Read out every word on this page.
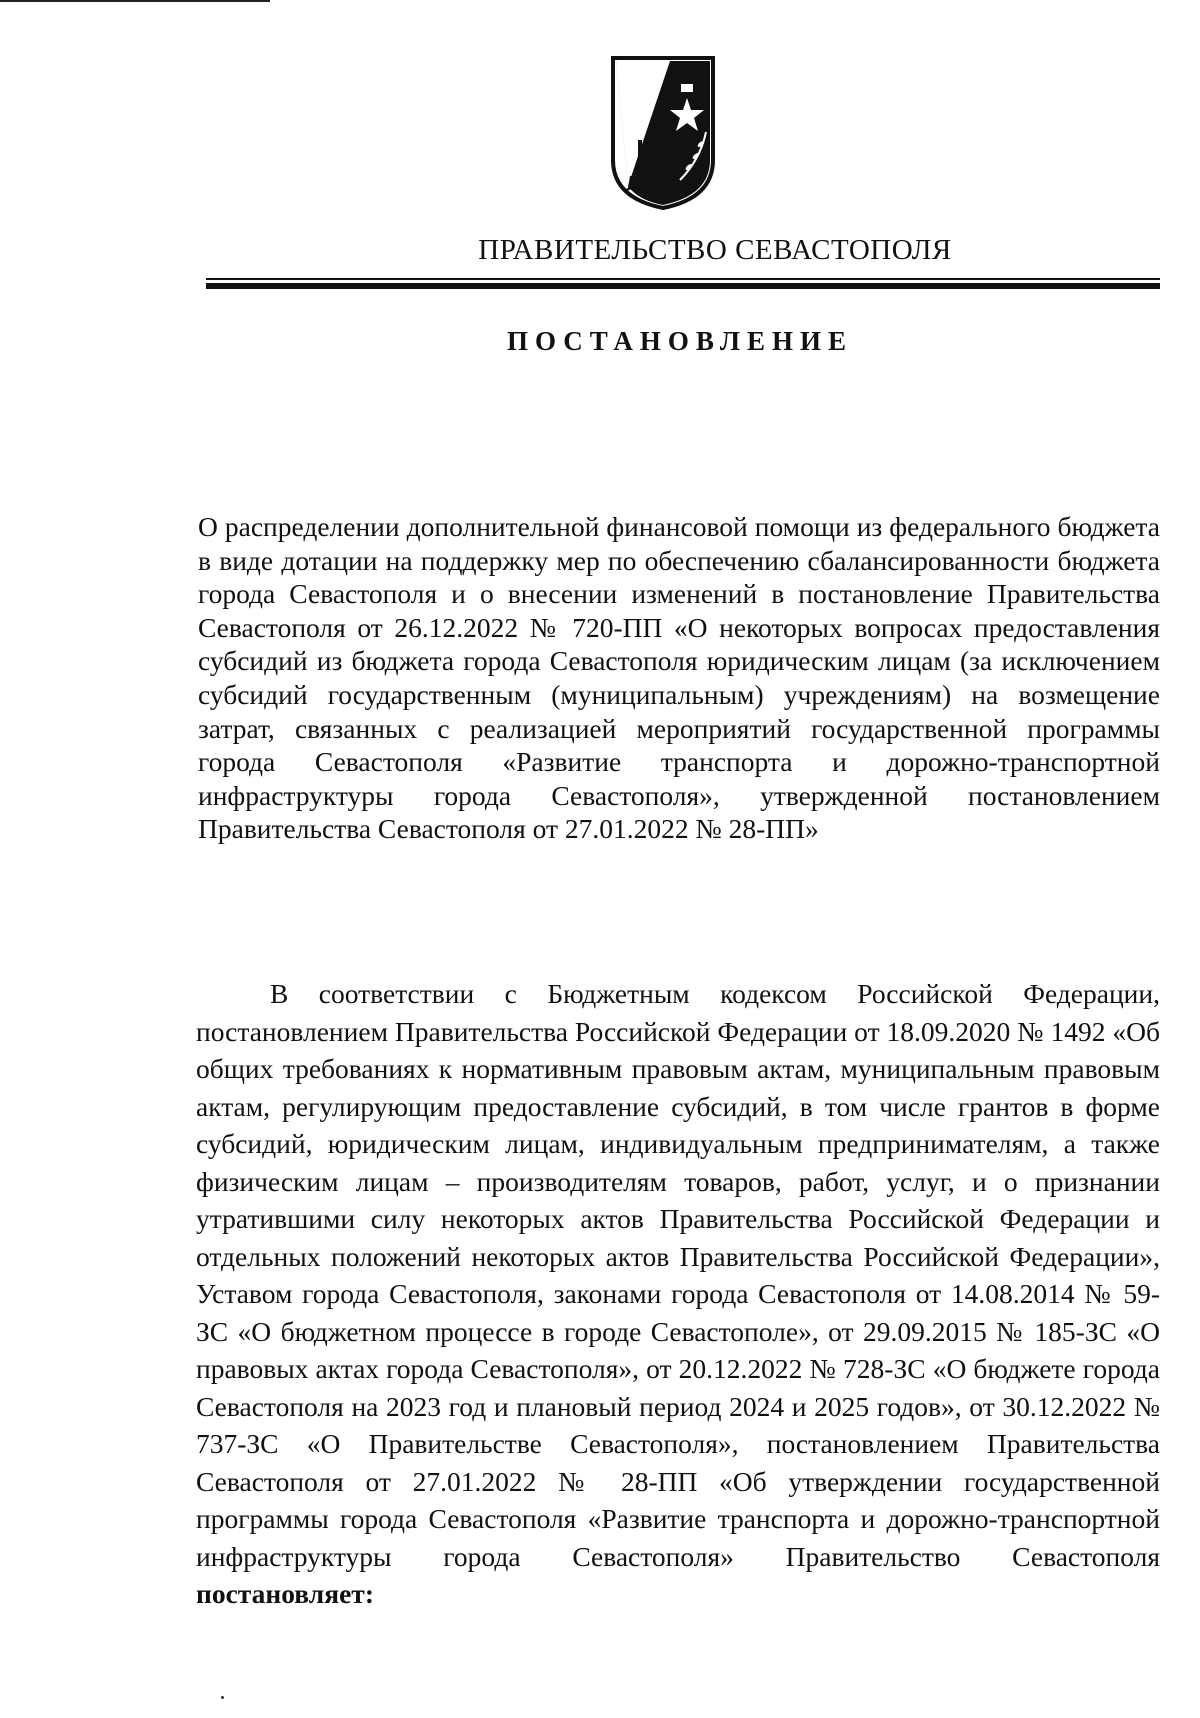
ПРАВИТЕЛЬСТВО СЕВАСТОПОЛЯ
ПОСТАНОВЛЕНИЕ
О распределении дополнительной финансовой помощи из федерального бюджета в виде дотации на поддержку мер по обеспечению сбалансированности бюджета города Севастополя и о внесении изменений в постановление Правительства Севастополя от 26.12.2022 № 720-ПП «О некоторых вопросах предоставления субсидий из бюджета города Севастополя юридическим лицам (за исключением субсидий государственным (муниципальным) учреждениям) на возмещение затрат, связанных с реализацией мероприятий государственной программы города Севастополя «Развитие транспорта и дорожно-транспортной инфраструктуры города Севастополя», утвержденной постановлением Правительства Севастополя от 27.01.2022 № 28-ПП»
В соответствии с Бюджетным кодексом Российской Федерации, постановлением Правительства Российской Федерации от 18.09.2020 № 1492 «Об общих требованиях к нормативным правовым актам, муниципальным правовым актам, регулирующим предоставление субсидий, в том числе грантов в форме субсидий, юридическим лицам, индивидуальным предпринимателям, а также физическим лицам – производителям товаров, работ, услуг, и о признании утратившими силу некоторых актов Правительства Российской Федерации и отдельных положений некоторых актов Правительства Российской Федерации», Уставом города Севастополя, законами города Севастополя от 14.08.2014 № 59-ЗС «О бюджетном процессе в городе Севастополе», от 29.09.2015 № 185-ЗС «О правовых актах города Севастополя», от 20.12.2022 № 728-ЗС «О бюджете города Севастополя на 2023 год и плановый период 2024 и 2025 годов», от 30.12.2022 № 737-ЗС «О Правительстве Севастополя», постановлением Правительства Севастополя от 27.01.2022 № 28-ПП «Об утверждении государственной программы города Севастополя «Развитие транспорта и дорожно-транспортной инфраструктуры города Севастополя» Правительство Севастополя постановляет:
